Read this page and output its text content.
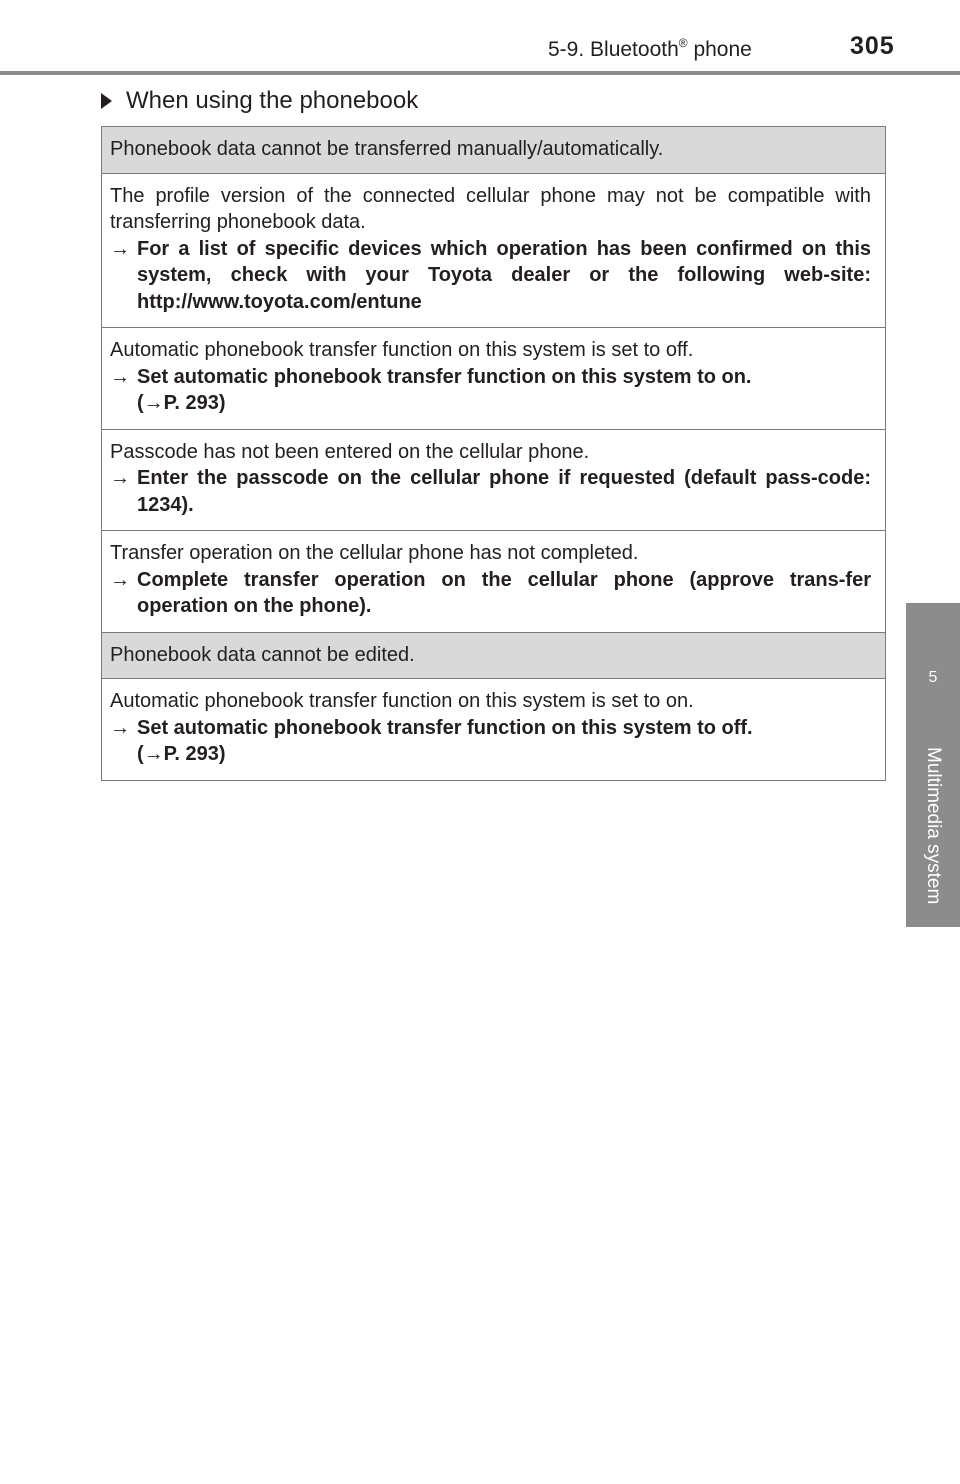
5-9. Bluetooth® phone	305
5
Multimedia system
When using the phonebook
Phonebook data cannot be transferred manually/automatically.

The profile version of the connected cellular phone may not be compatible with transferring phonebook data.
→ For a list of specific devices which operation has been confirmed on this system, check with your Toyota dealer or the following web-site: http://www.toyota.com/entune

Automatic phonebook transfer function on this system is set to off.
→ Set automatic phonebook transfer function on this system to on.
(→P. 293)

Passcode has not been entered on the cellular phone.
→ Enter the passcode on the cellular phone if requested (default pass-code: 1234).

Transfer operation on the cellular phone has not completed.
→ Complete transfer operation on the cellular phone (approve trans-fer operation on the phone).

Phonebook data cannot be edited.

Automatic phonebook transfer function on this system is set to on.
→ Set automatic phonebook transfer function on this system to off.
(→P. 293)
